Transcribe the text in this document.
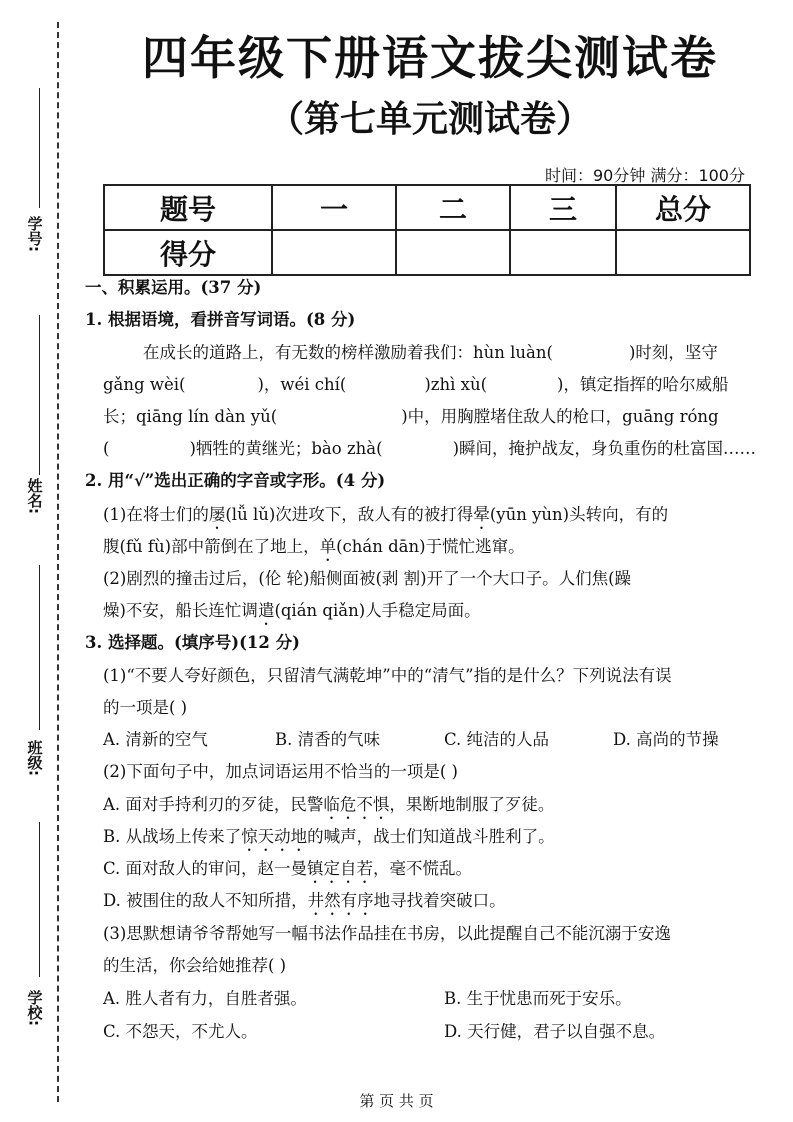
学号:
姓名:
班级:
学校:
四年级下册语文拔尖测试卷
（第七单元测试卷）
时间：90分钟 满分：100分
题号	一	二	三	总分
得分				
一、积累运用。(37 分)
1. 根据语境，看拼音写词语。(8 分)
在成长的道路上，有无数的榜样激励着我们：hùn luàn(	)时刻，坚守
gǎng wèi(	)，wéi chí(	)zhì xù(	)，镇定指挥的哈尔威船
长；qiāng lín dàn yǔ(	)中，用胸膛堵住敌人的枪口，guāng róng
(	)牺牲的黄继光；bào zhà(	)瞬间，掩护战友，身负重伤的杜富国……
2. 用“√”选出正确的字音或字形。(4 分)
(1)在将士们的屡(lǚ lǔ)次进攻下，敌人有的被打得晕(yūn yùn)头转向，有的
腹(fǔ fù)部中箭倒在了地上，单(chán dān)于慌忙逃窜。
(2)剧烈的撞击过后，(伦 轮)船侧面被(剥 割)开了一个大口子。人们焦(躁
燥)不安，船长连忙调遣(qián qiǎn)人手稳定局面。
3. 选择题。(填序号)(12 分)
(1)“不要人夸好颜色，只留清气满乾坤”中的“清气”指的是什么？下列说法有误
的一项是( )
A. 清新的空气	B. 清香的气味	C. 纯洁的人品	D. 高尚的节操
(2)下面句子中，加点词语运用不恰当的一项是( )
A. 面对手持利刃的歹徒，民警临危不惧，果断地制服了歹徒。
B. 从战场上传来了惊天动地的喊声，战士们知道战斗胜利了。
C. 面对敌人的审问，赵一曼镇定自若，毫不慌乱。
D. 被围住的敌人不知所措，井然有序地寻找着突破口。
(3)思默想请爷爷帮她写一幅书法作品挂在书房，以此提醒自己不能沉溺于安逸
的生活，你会给她推荐( )
A. 胜人者有力，自胜者强。	B. 生于忧患而死于安乐。
C. 不怨天，不尤人。	D. 天行健，君子以自强不息。
第 页 共 页
